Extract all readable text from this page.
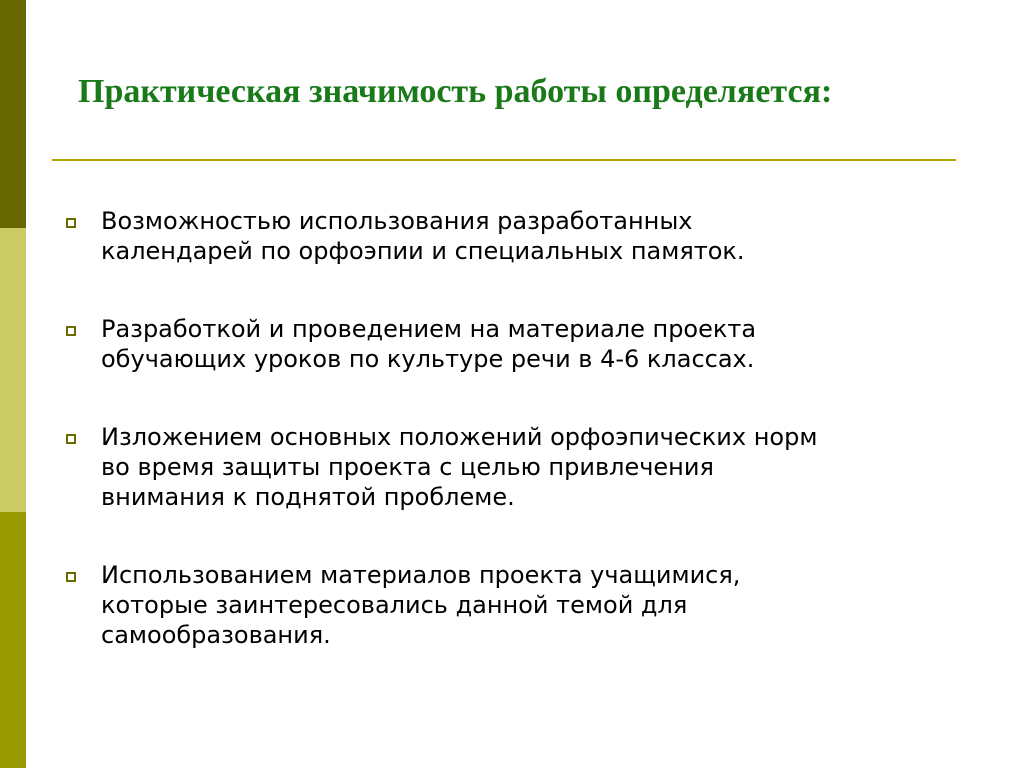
Практическая значимость работы определяется:
Возможностью использования разработанных
календарей по орфоэпии и специальных памяток.
Разработкой и проведением на материале проекта
обучающих уроков по культуре речи в 4-6 классах.
Изложением основных положений орфоэпических норм
во время защиты проекта с целью привлечения
внимания к поднятой проблеме.
Использованием материалов проекта учащимися,
которые заинтересовались данной темой для
самообразования.
